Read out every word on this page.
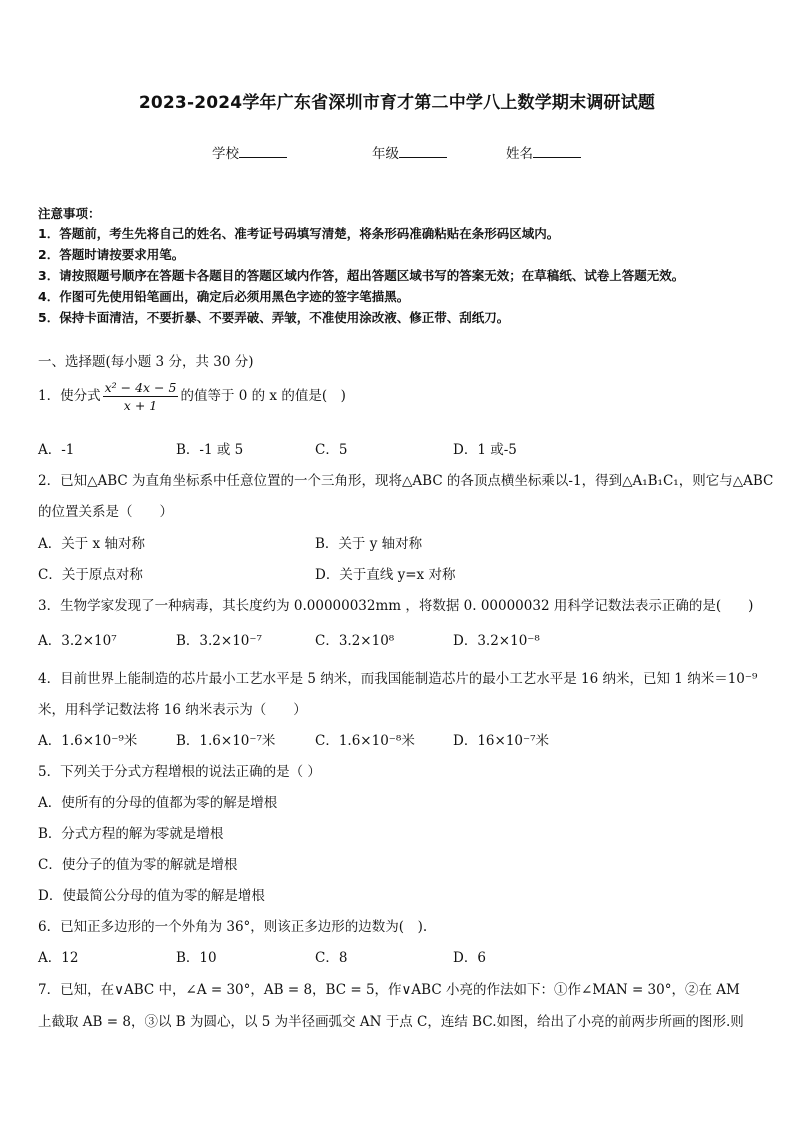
2023-2024学年广东省深圳市育才第二中学八上数学期末调研试题
学校	年级	姓名
注意事项：
1．答题前，考生先将自己的姓名、准考证号码填写清楚，将条形码准确粘贴在条形码区域内。
2．答题时请按要求用笔。
3．请按照题号顺序在答题卡各题目的答题区域内作答，超出答题区域书写的答案无效；在草稿纸、试卷上答题无效。
4．作图可先使用铅笔画出，确定后必须用黑色字迹的签字笔描黑。
5．保持卡面清洁，不要折暴、不要弄破、弄皱，不准使用涂改液、修正带、刮纸刀。
一、选择题(每小题 3 分，共 30 分)
1．使分式 $\frac{\text{x² − 4x − 5}}{x + 1}$ 的值等于 0 的 x 的值是(　)
A．-1	B．-1 或 5	C．5	D．1 或-5
2．已知△ABC 为直角坐标系中任意位置的一个三角形，现将△ABC 的各顶点横坐标乘以-1，得到△A₁B₁C₁，则它与△ABC
的位置关系是（　　）
A．关于 x 轴对称	B．关于 y 轴对称
C．关于原点对称	D．关于直线 y=x 对称
3．生物学家发现了一种病毒，其长度约为 0.00000032mm ，将数据 0. 00000032 用科学记数法表示正确的是(　　)
A．3.2×10⁷	B．3.2×10⁻⁷	C．3.2×10⁸	D．3.2×10⁻⁸
4．目前世界上能制造的芯片最小工艺水平是 5 纳米，而我国能制造芯片的最小工艺水平是 16 纳米，已知 1 纳米＝10⁻⁹
米，用科学记数法将 16 纳米表示为（　　）
A．1.6×10⁻⁹米	B．1.6×10⁻⁷米	C．1.6×10⁻⁸米	D．16×10⁻⁷米
5．下列关于分式方程增根的说法正确的是（ ）
A．使所有的分母的值都为零的解是增根
B．分式方程的解为零就是增根
C．使分子的值为零的解就是增根
D．使最简公分母的值为零的解是增根
6．已知正多边形的一个外角为 36°，则该正多边形的边数为(　).
A．12	B．10	C．8	D．6
7．已知，在∨ABC 中，∠A = 30°，AB = 8，BC = 5，作∨ABC 小亮的作法如下：①作∠MAN = 30°，②在 AM
上截取 AB = 8，③以 B 为圆心，以 5 为半径画弧交 AN 于点 C，连结 BC.如图，给出了小亮的前两步所画的图形.则
